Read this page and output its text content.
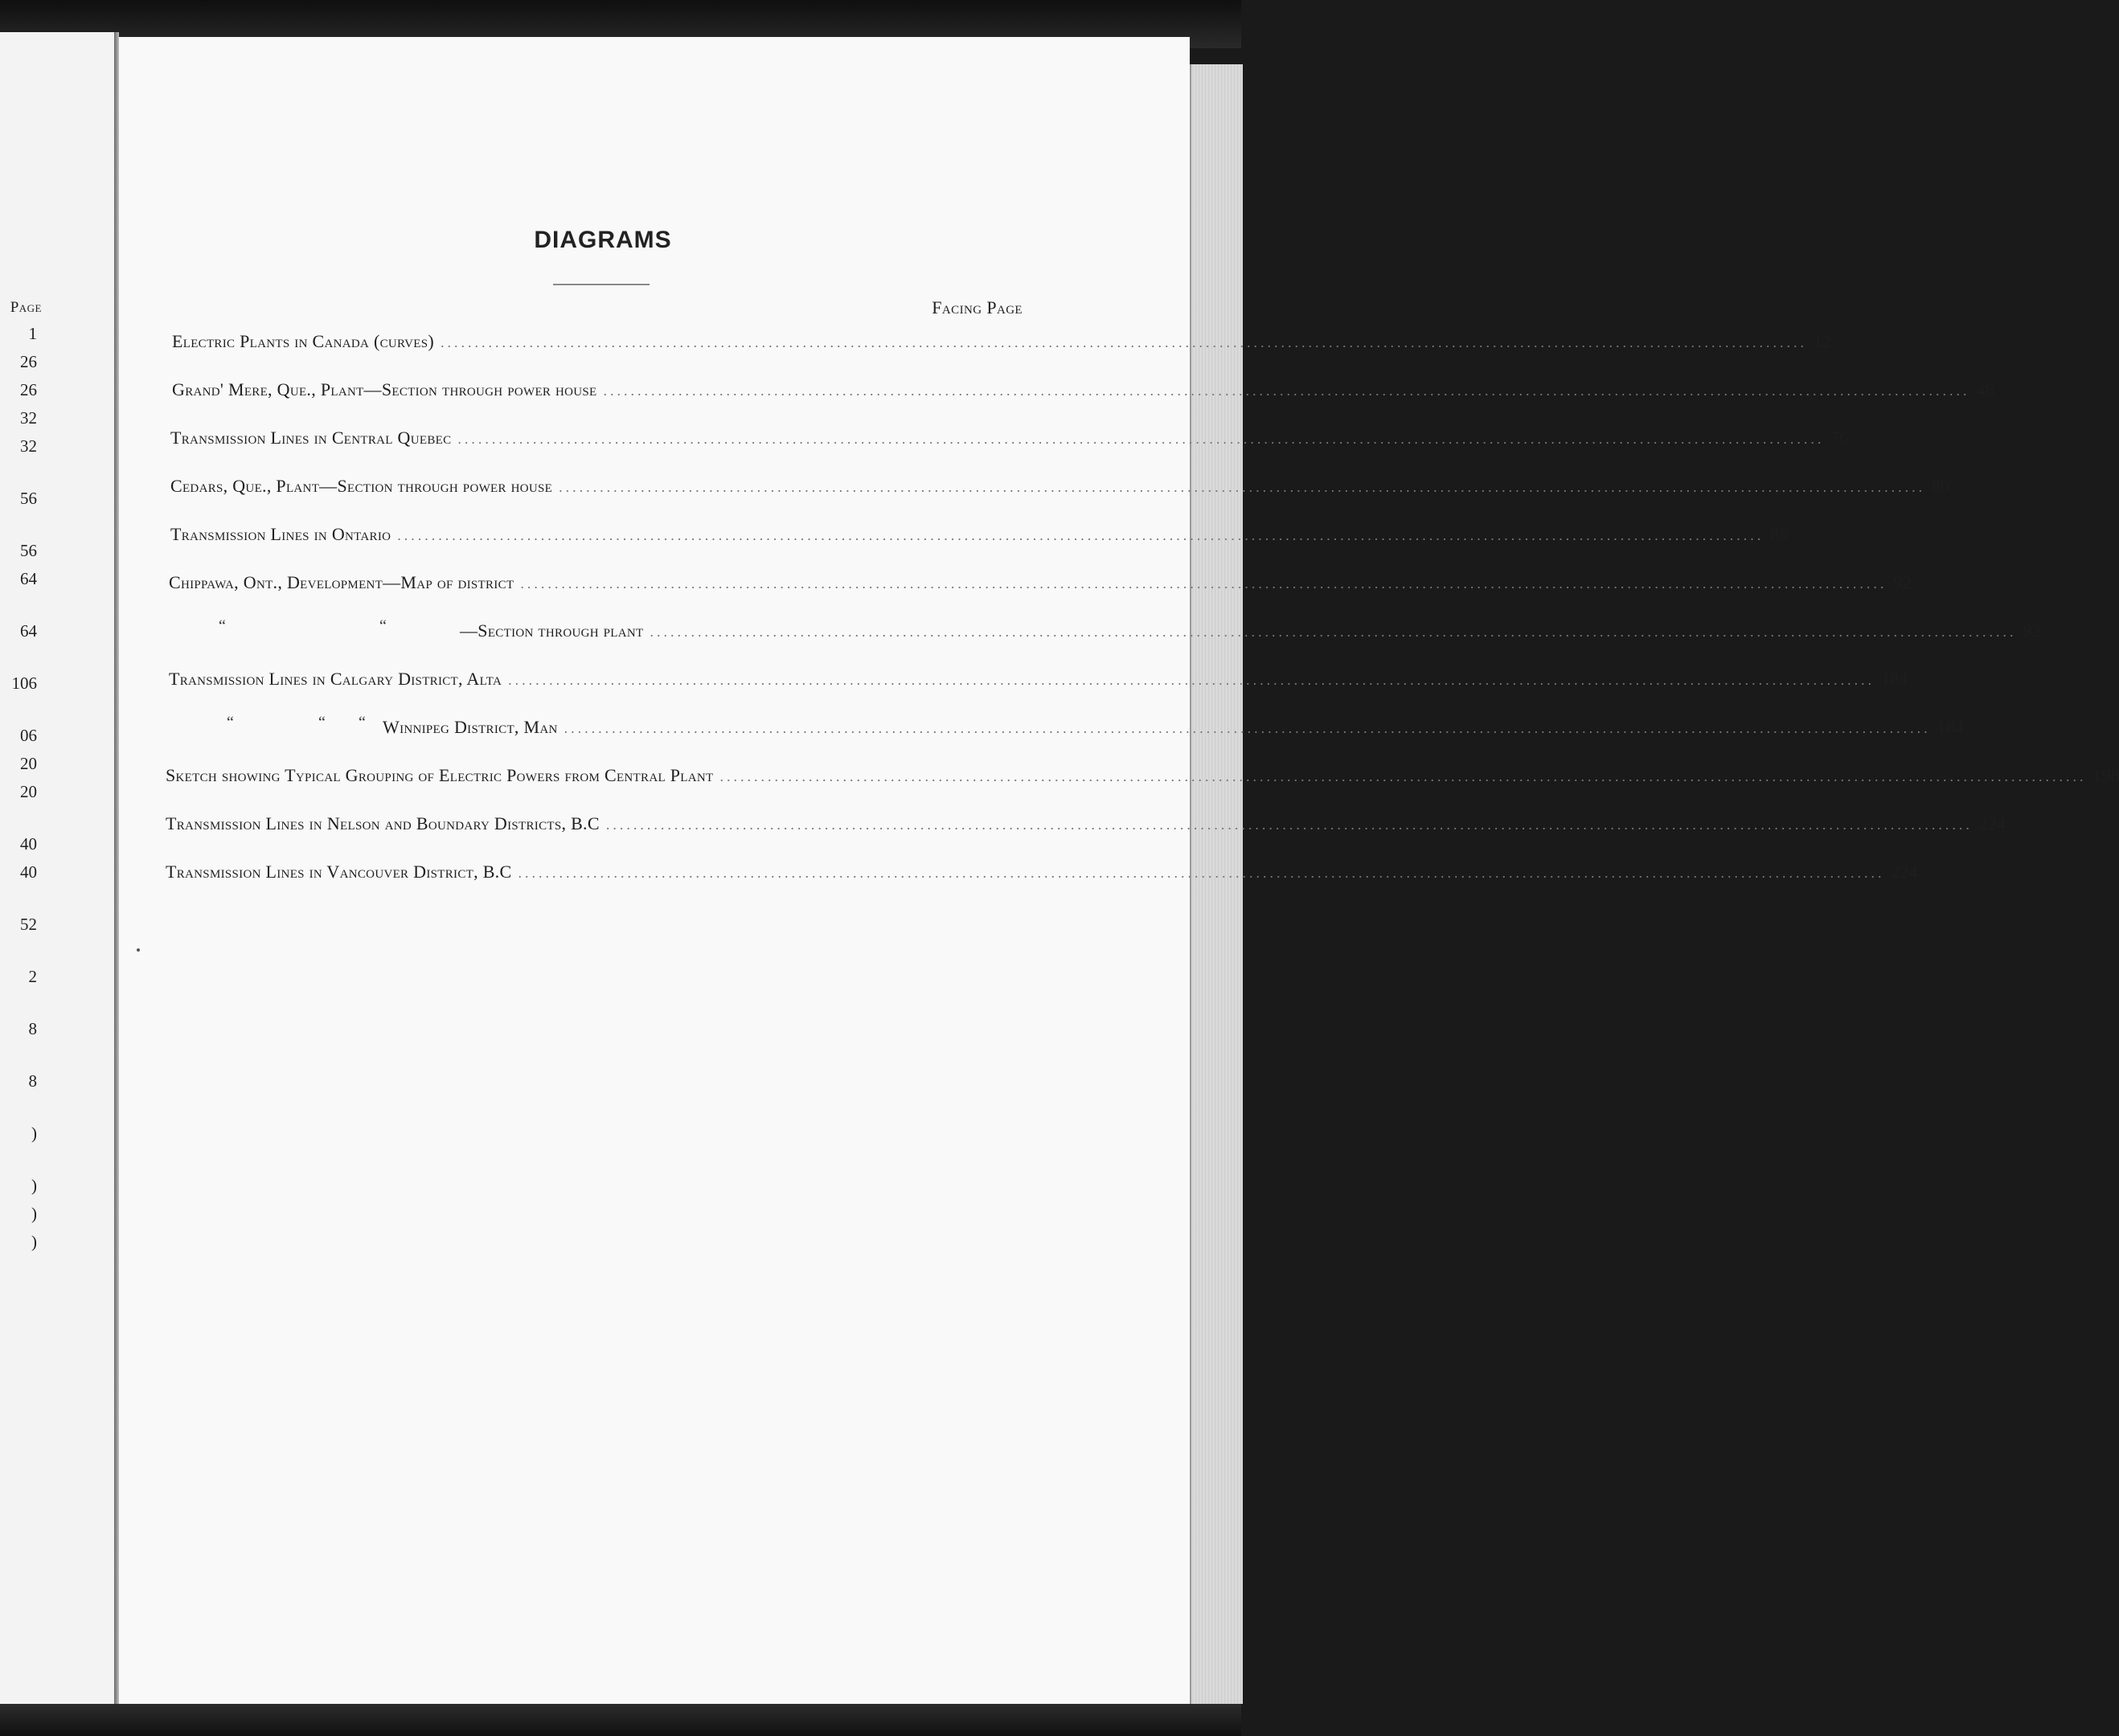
Page
1
26
26
32
32
56
56
64
64
106
06
20
20
40
40
52
2
8
8
)
)
)
)
DIAGRAMS
Facing Page
Electric Plants in Canada (curves) ........................................................................................................................................................................................................ 12
Grand' Mere, Que., Plant—Section through power house ........................................................................................................................................................................................................ 46
Transmission Lines in Central Quebec ........................................................................................................................................................................................................ 76
Cedars, Que., Plant—Section through power house ........................................................................................................................................................................................................ 80
Transmission Lines in Ontario ........................................................................................................................................................................................................ 88
Chippawa, Ont., Development—Map of district ........................................................................................................................................................................................................ 92
—Section through plant ........................................................................................................................................................................................................ 92
“	“
Transmission Lines in Calgary District, Alta ........................................................................................................................................................................................................ 184
Winnipeg District, Man ........................................................................................................................................................................................................ 184
“	“ “
Sketch showing Typical Grouping of Electric Powers from Central Plant ........................................................................................................................................................................................................ 198
Transmission Lines in Nelson and Boundary Districts, B.C ........................................................................................................................................................................................................ 224
Transmission Lines in Vancouver District, B.C ........................................................................................................................................................................................................ 224
